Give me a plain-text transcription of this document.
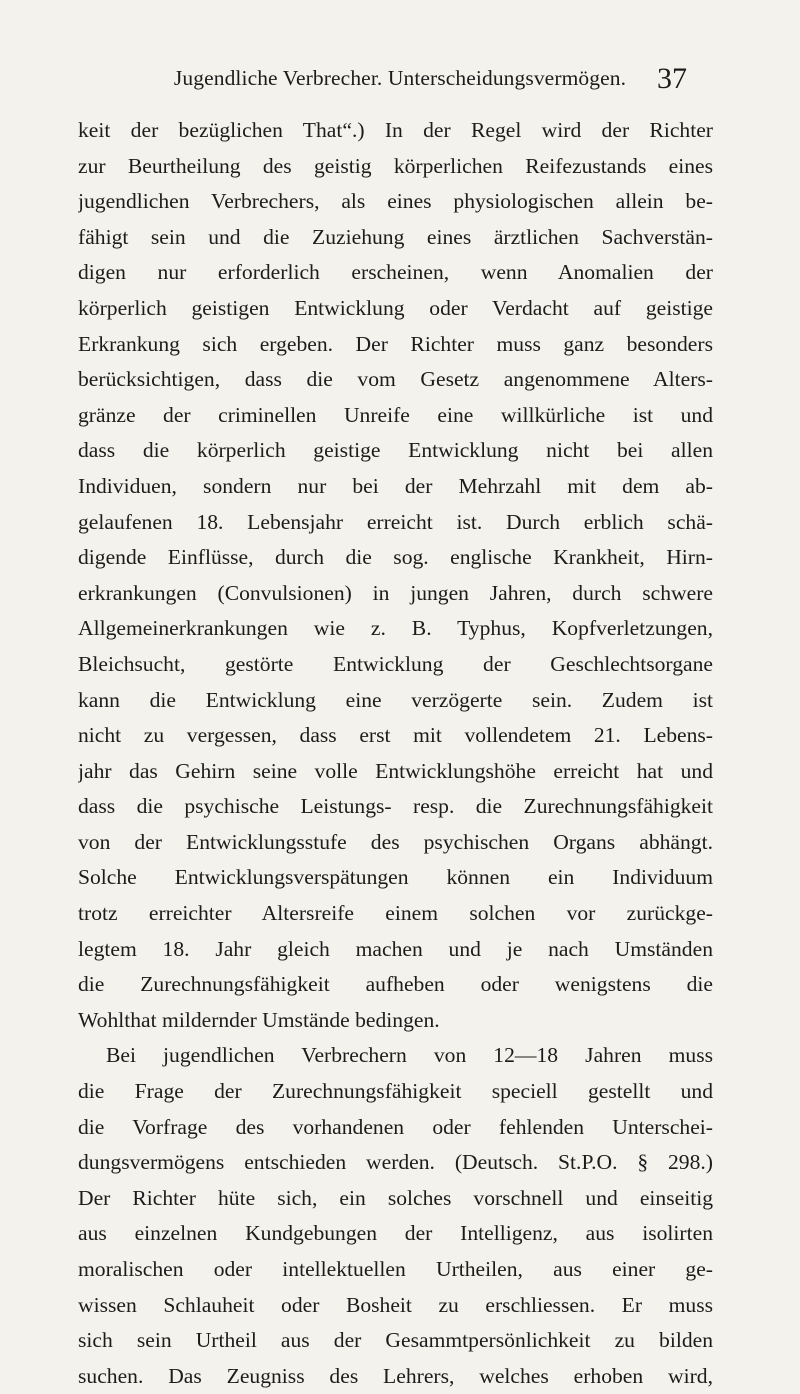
Jugendliche Verbrecher. Unterscheidungsvermögen.	37
keit der bezüglichen That“.) In der Regel wird der Richter
zur Beurtheilung des geistig körperlichen Reifezustands eines
jugendlichen Verbrechers, als eines physiologischen allein be-
fähigt sein und die Zuziehung eines ärztlichen Sachverstän-
digen nur erforderlich erscheinen, wenn Anomalien der
körperlich geistigen Entwicklung oder Verdacht auf geistige
Erkrankung sich ergeben. Der Richter muss ganz besonders
berücksichtigen, dass die vom Gesetz angenommene Alters-
gränze der criminellen Unreife eine willkürliche ist und
dass die körperlich geistige Entwicklung nicht bei allen
Individuen, sondern nur bei der Mehrzahl mit dem ab-
gelaufenen 18. Lebensjahr erreicht ist. Durch erblich schä-
digende Einflüsse, durch die sog. englische Krankheit, Hirn-
erkrankungen (Convulsionen) in jungen Jahren, durch schwere
Allgemeinerkrankungen wie z. B. Typhus, Kopfverletzungen,
Bleichsucht, gestörte Entwicklung der Geschlechtsorgane
kann die Entwicklung eine verzögerte sein. Zudem ist
nicht zu vergessen, dass erst mit vollendetem 21. Lebens-
jahr das Gehirn seine volle Entwicklungshöhe erreicht hat und
dass die psychische Leistungs- resp. die Zurechnungsfähigkeit
von der Entwicklungsstufe des psychischen Organs abhängt.
Solche Entwicklungsverspätungen können ein Individuum
trotz erreichter Altersreife einem solchen vor zurückge-
legtem 18. Jahr gleich machen und je nach Umständen
die Zurechnungsfähigkeit aufheben oder wenigstens die
Wohlthat mildernder Umstände bedingen.
Bei jugendlichen Verbrechern von 12—18 Jahren muss
die Frage der Zurechnungsfähigkeit speciell gestellt und
die Vorfrage des vorhandenen oder fehlenden Unterschei-
dungsvermögens entschieden werden. (Deutsch. St.P.O. § 298.)
Der Richter hüte sich, ein solches vorschnell und einseitig
aus einzelnen Kundgebungen der Intelligenz, aus isolirten
moralischen oder intellektuellen Urtheilen, aus einer ge-
wissen Schlauheit oder Bosheit zu erschliessen. Er muss
sich sein Urtheil aus der Gesammtpersönlichkeit zu bilden
suchen. Das Zeugniss des Lehrers, welches erhoben wird,
